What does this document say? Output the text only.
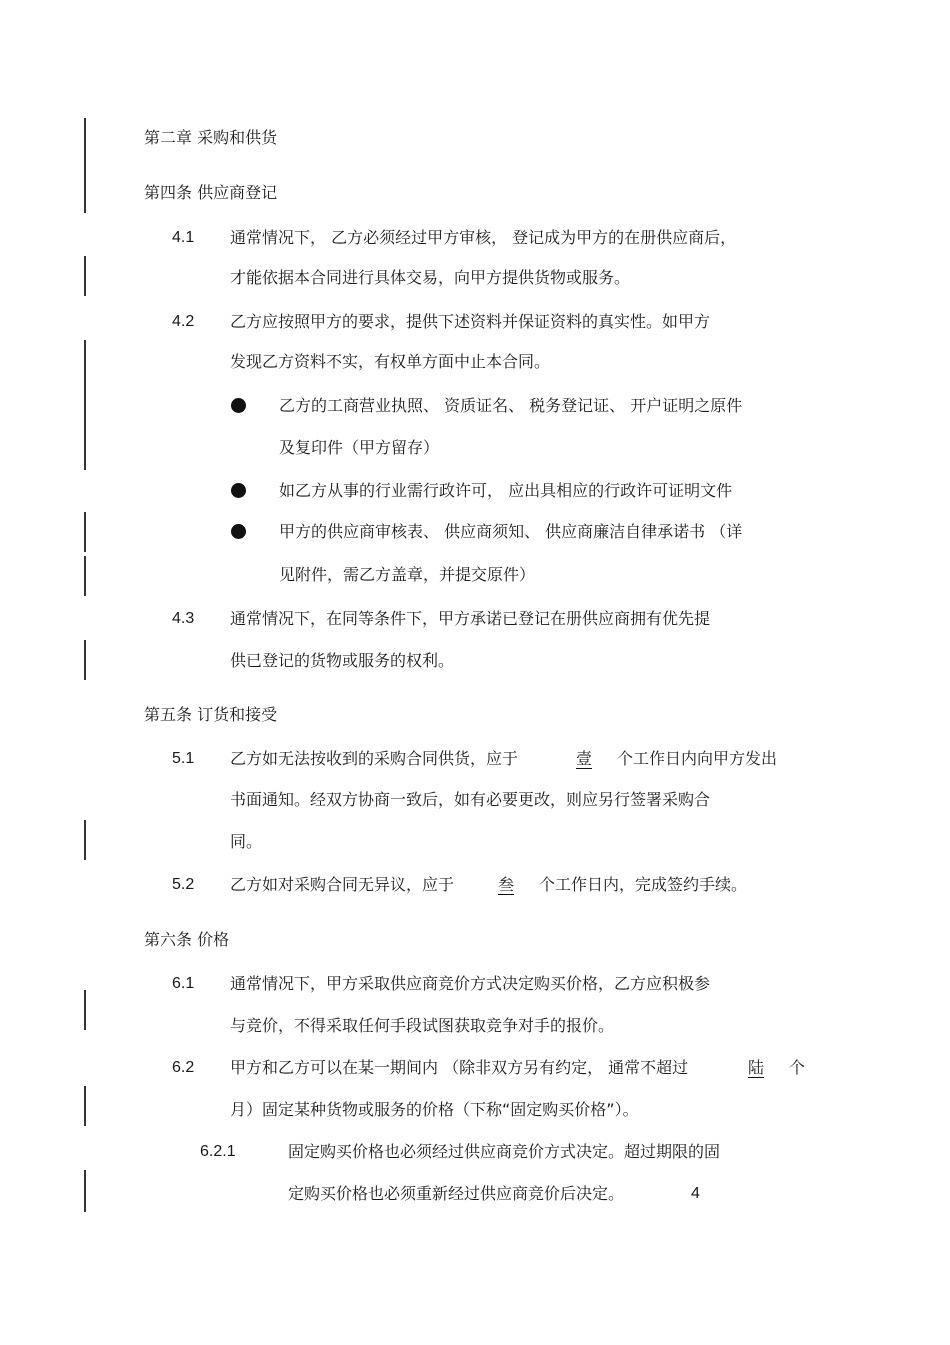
第二章 采购和供货
第四条 供应商登记
4.1 通常情况下， 乙方必须经过甲方审核， 登记成为甲方的在册供应商后，
才能依据本合同进行具体交易，向甲方提供货物或服务。
4.2 乙方应按照甲方的要求，提供下述资料并保证资料的真实性。如甲方
发现乙方资料不实，有权单方面中止本合同。
乙方的工商营业执照、 资质证名、 税务登记证、 开户证明之原件
及复印件（甲方留存）
如乙方从事的行业需行政许可， 应出具相应的行政许可证明文件
甲方的供应商审核表、 供应商须知、 供应商廉洁自律承诺书 （详
见附件，需乙方盖章，并提交原件）
4.3 通常情况下，在同等条件下，甲方承诺已登记在册供应商拥有优先提
供已登记的货物或服务的权利。
第五条 订货和接受
5.1 乙方如无法按收到的采购合同供货，应于	壹 个工作日内向甲方发出
书面通知。经双方协商一致后，如有必要更改，则应另行签署采购合
同。
5.2 乙方如对采购合同无异议，应于	叁 个工作日内，完成签约手续。
第六条 价格
6.1 通常情况下，甲方采取供应商竞价方式决定购买价格，乙方应积极参
与竞价，不得采取任何手段试图获取竞争对手的报价。
6.2 甲方和乙方可以在某一期间内 （除非双方另有约定， 通常不超过	陆 个
月）固定某种货物或服务的价格（下称“固定购买价格”）。
6.2.1	固定购买价格也必须经过供应商竞价方式决定。超过期限的固
定购买价格也必须重新经过供应商竞价后决定。	4
